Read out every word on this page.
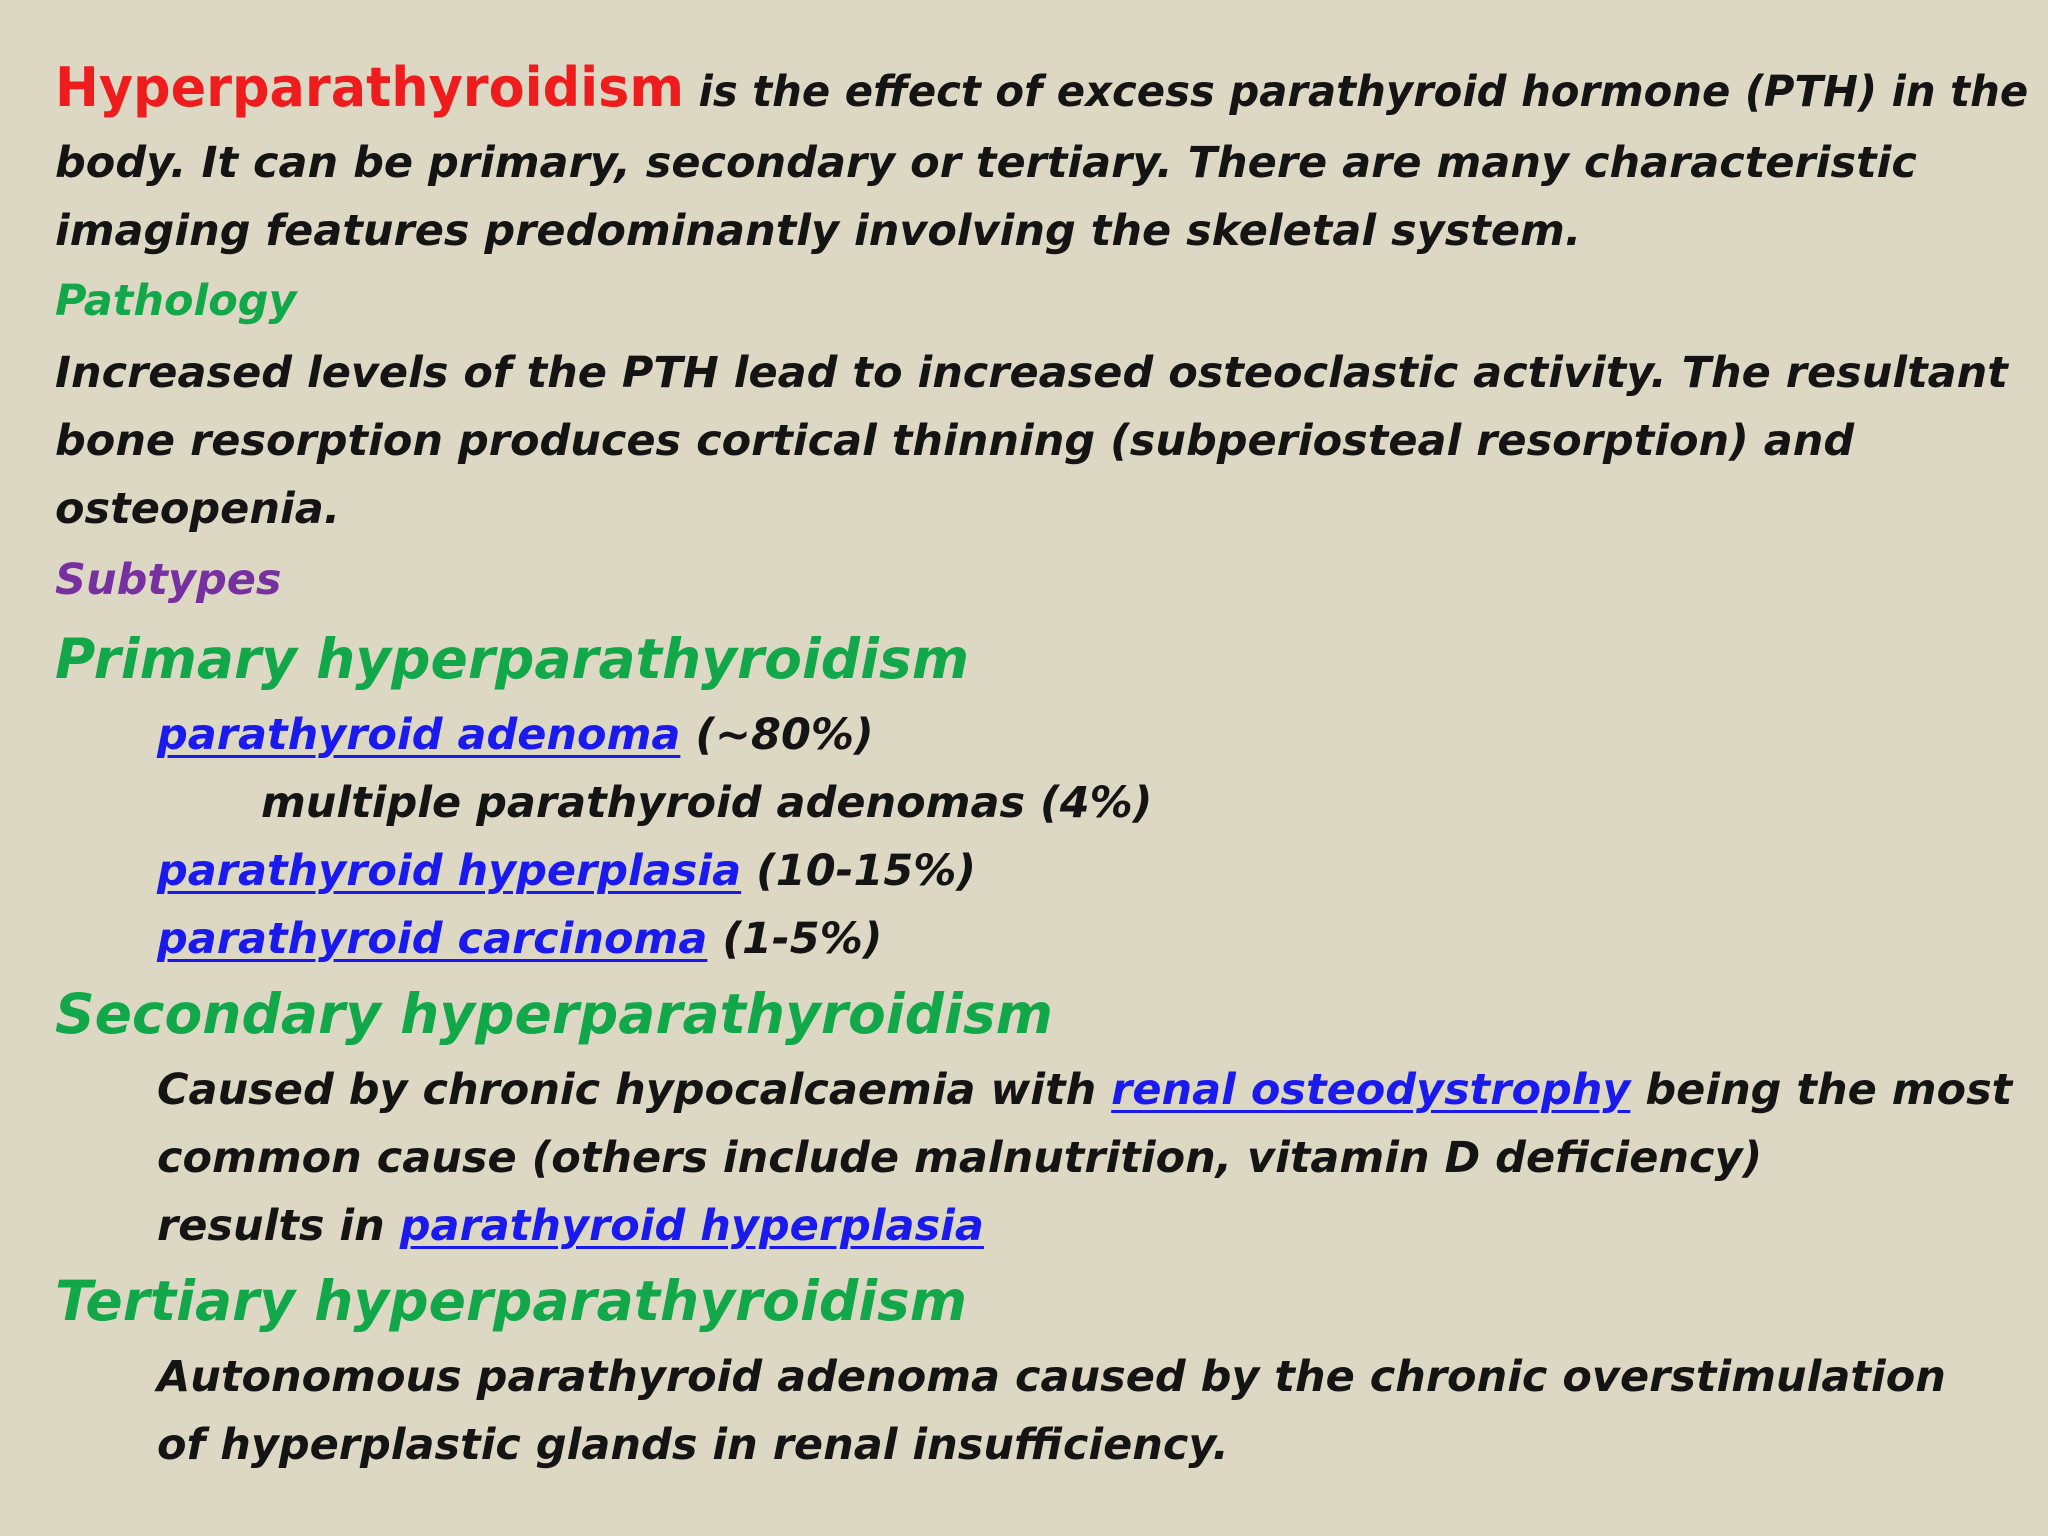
Hyperparathyroidism is the effect of excess parathyroid hormone (PTH) in the
body. It can be primary, secondary or tertiary. There are many characteristic
imaging features predominantly involving the skeletal system.
Pathology
Increased levels of the PTH lead to increased osteoclastic activity. The resultant
bone resorption produces cortical thinning (subperiosteal resorption) and
osteopenia.
Subtypes
Primary hyperparathyroidism
parathyroid adenoma (~80%)
multiple parathyroid adenomas (4%)
parathyroid hyperplasia (10-15%)
parathyroid carcinoma (1-5%)
Secondary hyperparathyroidism
Caused by chronic hypocalcaemia with renal osteodystrophy being the most
common cause (others include malnutrition, vitamin D deficiency)
results in parathyroid hyperplasia
Tertiary hyperparathyroidism
Autonomous parathyroid adenoma caused by the chronic overstimulation
of hyperplastic glands in renal insufficiency.
